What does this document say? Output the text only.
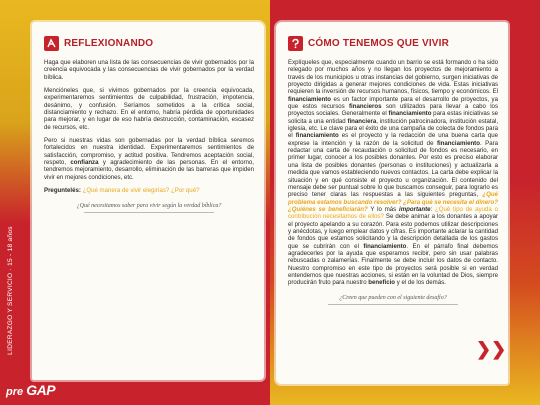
LIDERAZGO Y SERVICIO · 15 - 18 años
REFLEXIONANDO

Haga que elaboren una lista de las consecuencias de vivir gobernados por la creencia equivocada y las consecuencias de vivir gobernados por la verdad bíblica.

Mencióneles que, si vivimos gobernados por la creencia equivocada, experimentaremos sentimientos de culpabilidad, frustración, impotencia, desánimo, y confusión. Seríamos sometidos a la crítica social, distanciamiento y rechazo. En el entorno, habría pérdida de oportunidades para mejorar, y en lugar de eso habría destrucción, contaminación, escasez de recursos, etc.

Pero si nuestras vidas son gobernadas por la verdad bíblica seremos fortalecidos en nuestra identidad. Experimentaremos sentimientos de satisfacción, compromiso, y actitud positiva. Tendremos aceptación social, respeto, confianza y agradecimiento de las personas. En el entorno, tendremos mejoramiento, desarrollo, eliminación de las barreras que impiden vivir en mejores condiciones, etc.

Preguntelés: ¿Qué manera de vivir elegirías? ¿Por qué?

¿Qué necesitamos saber para vivir según la verdad bíblica?
CÓMO TENEMOS QUE VIVIR

Explíqueles que, especialmente cuando un barrio se está formando o ha sido relegado por muchos años y no llegan los proyectos de mejoramiento a través de los municipios u otras instancias del gobierno, surgen iniciativas de proyecto dirigidas a generar mejores condiciones de vida. Estas iniciativas requieren la inversión de recursos humanos, físicos, tiempo y económicos. El financiamiento es un factor importante para el desarrollo de proyectos, ya que estos recursos financieros son utilizados para llevar a cabo los proyectos sociales. Generalmente el financiamiento para estas iniciativas se solicita a una entidad financiera, institución patrocinadora, institución estatal, iglesia, etc. Le clave para el éxito de una campaña de colecta de fondos para el financiamiento es el proyecto y la redacción de una buena carta que exprese la intención y la razón de la solicitud de financiamiento. Para redactar una carta de recaudación o solicitud de fondos es necesario, en primer lugar, conocer a los posibles donantes. Por esto es preciso elaborar una lista de posibles donantes (personas o instituciones) y actualizarla a medida que vamos estableciendo nuevos contactos. La carta debe explicar la situación y en qué consiste el proyecto u organización. El contenido del mensaje debe ser puntual sobre lo que buscamos conseguir, para lograrlo es preciso tener claras las respuestas a las siguientes preguntas, ¿Qué problema estamos buscando resolver? ¿Para qué se necesita el dinero? ¿Quiénes se beneficiarán? Y lo más importante: ¿Qué tipo de ayuda o contribución necesitamos de ellos? Se debe animar a los donantes a apoyar el proyecto apelando a su corazón. Para esto podemos utilizar descripciones y anécdotas, y luego emplear datos y cifras. Es importante aclarar la cantidad de fondos que estamos solicitando y la descripción detallada de los gastos que se cubrirán con el financiamiento. En el párrafo final debemos agradecerles por la ayuda que esperamos recibir, pero sin usar palabras rebuscadas o zalamerías. Finalmente se debe incluir los datos de contacto. Nuestro compromiso en este tipo de proyectos será posible si en verdad entendemos que nuestras acciones, si están en la voluntad de Dios, siempre producirán fruto para nuestro beneficio y el de los demás.

¿Creen que pueden con el siguiente desafío?
❯❯
pre GAP
